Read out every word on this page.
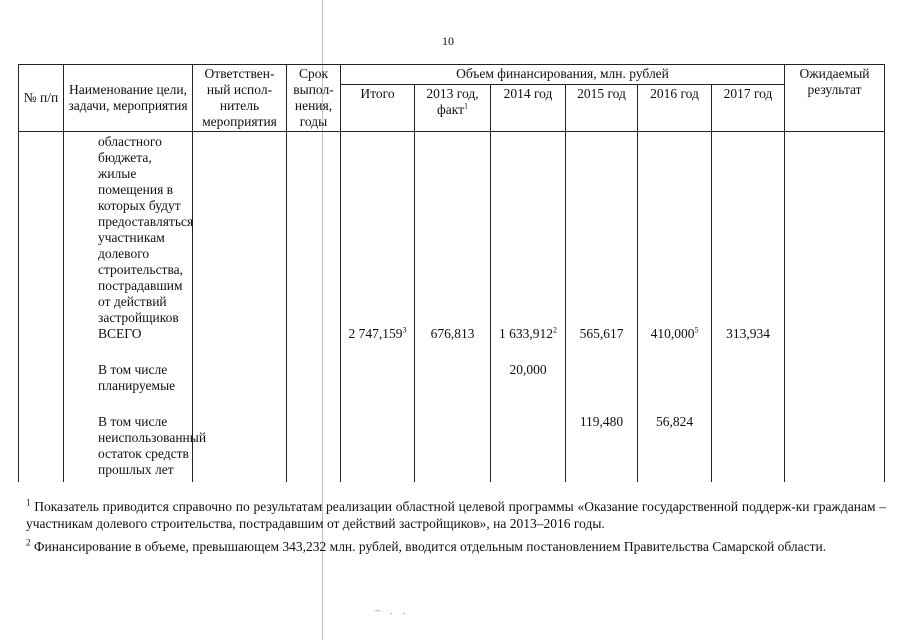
10
№ п/п	Наименование цели, задачи, мероприятия	Ответствен-ный испол-нитель мероприятия	Срок выпол-нения, годы	Объем финансирования, млн. рублей						Ожидаемый результат
				Итого	2013 год, факт$^1$	2014 год	2015 год	2016 год	2017 год	
	областного бюджета, жилые помещения в которых будут предоставляться участникам долевого строительства, пострадавшим от действий застройщиков									
	ВСЕГО			2 747,159$^3$	676,813	1 633,912$^2$	565,617	410,000$^5$	313,934	
	В том числе планируемые					20,000				
	В том числе неиспользованный остаток средств прошлых лет						119,480	56,824		

$^1$ Показатель приводится справочно по результатам реализации областной целевой программы «Оказание государственной поддерж-ки гражданам – участникам долевого строительства, пострадавшим от действий застройщиков», на 2013–2016 годы.

$^2$ Финансирование в объеме, превышающем 343,232 млн. рублей, вводится отдельным постановлением Правительства Самарской области.

~ . .
